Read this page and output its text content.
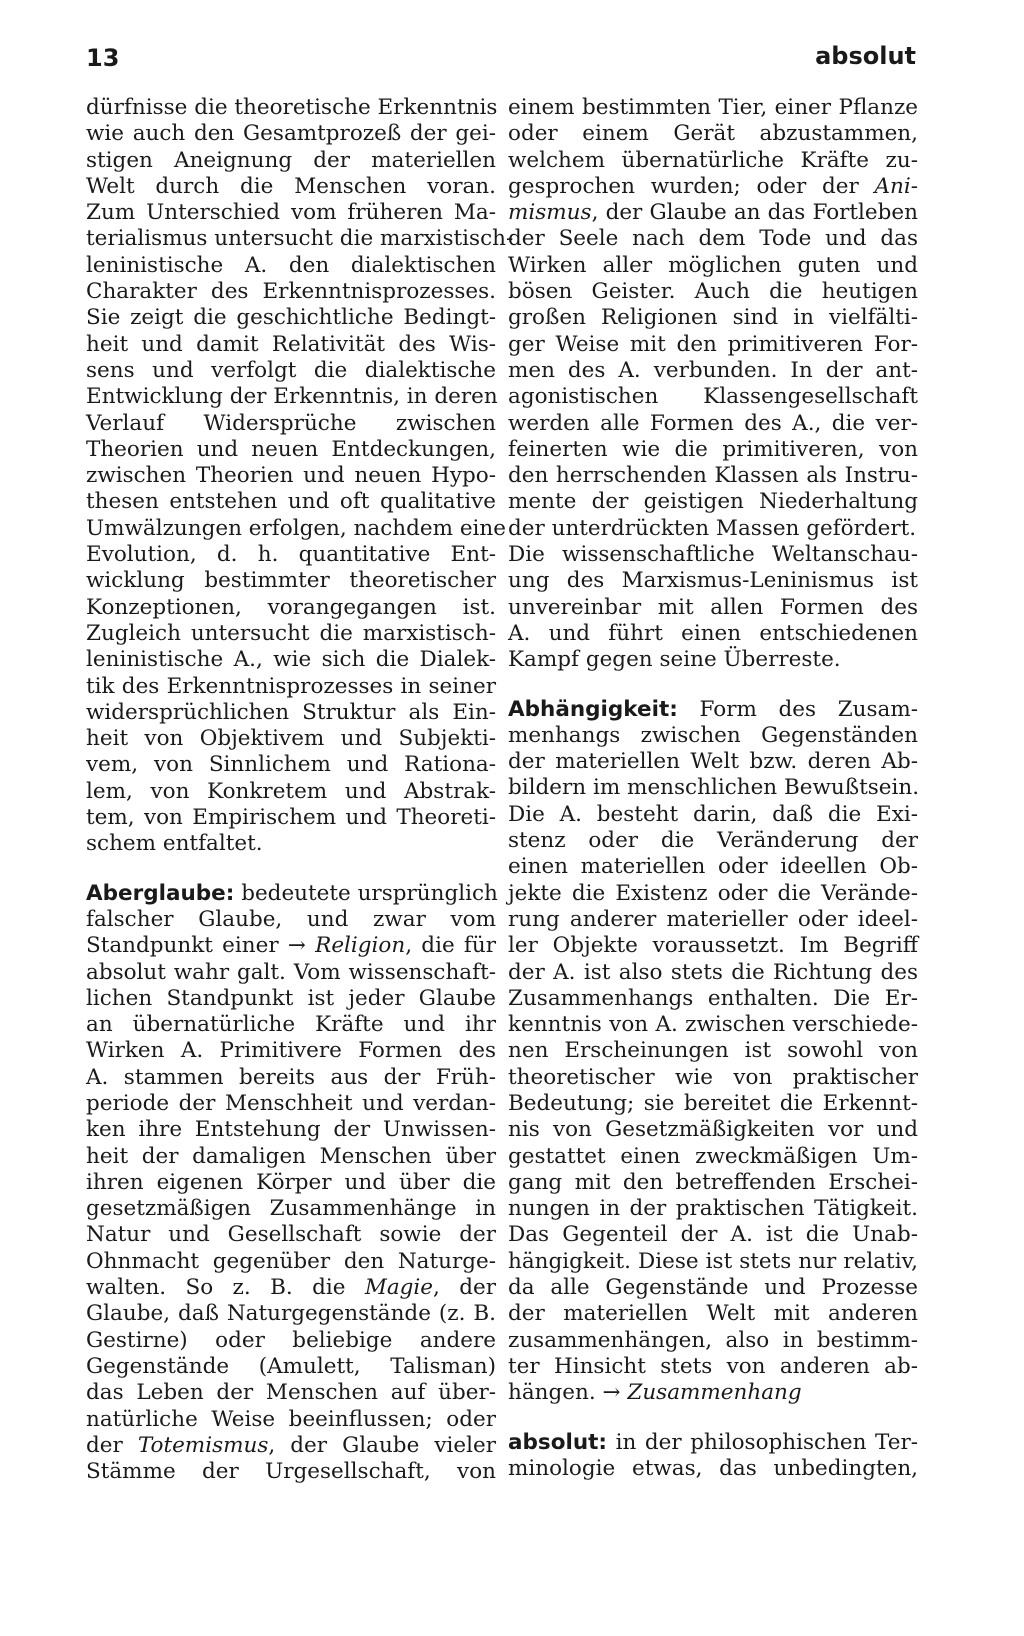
13	absolut
dürfnisse die theoretische Erkenntnis
wie auch den Gesamtprozeß der gei-
stigen Aneignung der materiellen
Welt durch die Menschen voran.
Zum Unterschied vom früheren Ma-
terialismus untersucht die marxistisch-
leninistische A. den dialektischen
Charakter des Erkenntnisprozesses.
Sie zeigt die geschichtliche Bedingt-
heit und damit Relativität des Wis-
sens und verfolgt die dialektische
Entwicklung der Erkenntnis, in deren
Verlauf Widersprüche zwischen
Theorien und neuen Entdeckungen,
zwischen Theorien und neuen Hypo-
thesen entstehen und oft qualitative
Umwälzungen erfolgen, nachdem eine
Evolution, d. h. quantitative Ent-
wicklung bestimmter theoretischer
Konzeptionen, vorangegangen ist.
Zugleich untersucht die marxistisch-
leninistische A., wie sich die Dialek-
tik des Erkenntnisprozesses in seiner
widersprüchlichen Struktur als Ein-
heit von Objektivem und Subjekti-
vem, von Sinnlichem und Rationa-
lem, von Konkretem und Abstrak-
tem, von Empirischem und Theoreti-
schem entfaltet.
Aberglaube: bedeutete ursprünglich
falscher Glaube, und zwar vom
Standpunkt einer → Religion, die für
absolut wahr galt. Vom wissenschaft-
lichen Standpunkt ist jeder Glaube
an übernatürliche Kräfte und ihr
Wirken A. Primitivere Formen des
A. stammen bereits aus der Früh-
periode der Menschheit und verdan-
ken ihre Entstehung der Unwissen-
heit der damaligen Menschen über
ihren eigenen Körper und über die
gesetzmäßigen Zusammenhänge in
Natur und Gesellschaft sowie der
Ohnmacht gegenüber den Naturge-
walten. So z. B. die Magie, der
Glaube, daß Naturgegenstände (z. B.
Gestirne) oder beliebige andere
Gegenstände (Amulett, Talisman)
das Leben der Menschen auf über-
natürliche Weise beeinflussen; oder
der Totemismus, der Glaube vieler
Stämme der Urgesellschaft, von
einem bestimmten Tier, einer Pflanze
oder einem Gerät abzustammen,
welchem übernatürliche Kräfte zu-
gesprochen wurden; oder der Ani-
mismus, der Glaube an das Fortleben
der Seele nach dem Tode und das
Wirken aller möglichen guten und
bösen Geister. Auch die heutigen
großen Religionen sind in vielfälti-
ger Weise mit den primitiveren For-
men des A. verbunden. In der ant-
agonistischen Klassengesellschaft
werden alle Formen des A., die ver-
feinerten wie die primitiveren, von
den herrschenden Klassen als Instru-
mente der geistigen Niederhaltung
der unterdrückten Massen gefördert.
Die wissenschaftliche Weltanschau-
ung des Marxismus-Leninismus ist
unvereinbar mit allen Formen des
A. und führt einen entschiedenen
Kampf gegen seine Überreste.
Abhängigkeit: Form des Zusam-
menhangs zwischen Gegenständen
der materiellen Welt bzw. deren Ab-
bildern im menschlichen Bewußtsein.
Die A. besteht darin, daß die Exi-
stenz oder die Veränderung der
einen materiellen oder ideellen Ob-
jekte die Existenz oder die Verände-
rung anderer materieller oder ideel-
ler Objekte voraussetzt. Im Begriff
der A. ist also stets die Richtung des
Zusammenhangs enthalten. Die Er-
kenntnis von A. zwischen verschiede-
nen Erscheinungen ist sowohl von
theoretischer wie von praktischer
Bedeutung; sie bereitet die Erkennt-
nis von Gesetzmäßigkeiten vor und
gestattet einen zweckmäßigen Um-
gang mit den betreffenden Erschei-
nungen in der praktischen Tätigkeit.
Das Gegenteil der A. ist die Unab-
hängigkeit. Diese ist stets nur relativ,
da alle Gegenstände und Prozesse
der materiellen Welt mit anderen
zusammenhängen, also in bestimm-
ter Hinsicht stets von anderen ab-
hängen. → Zusammenhang
absolut: in der philosophischen Ter-
minologie etwas, das unbedingten,
